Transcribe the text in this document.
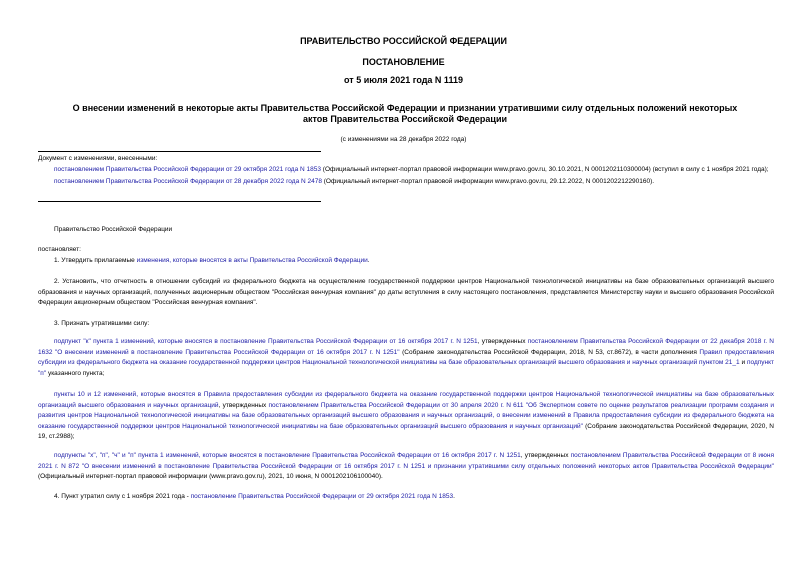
ПРАВИТЕЛЬСТВО РОССИЙСКОЙ ФЕДЕРАЦИИ
ПОСТАНОВЛЕНИЕ
от 5 июля 2021 года N 1119
О внесении изменений в некоторые акты Правительства Российской Федерации и признании утратившими силу отдельных положений некоторых актов Правительства Российской Федерации
(с изменениями на 28 декабря 2022 года)
Документ с изменениями, внесенными:
постановлением Правительства Российской Федерации от 29 октября 2021 года N 1853 (Официальный интернет-портал правовой информации www.pravo.gov.ru, 30.10.2021, N 0001202110300004) (вступил в силу с 1 ноября 2021 года);
постановлением Правительства Российской Федерации от 28 декабря 2022 года N 2478 (Официальный интернет-портал правовой информации www.pravo.gov.ru, 29.12.2022, N 0001202212290160).
Правительство Российской Федерации
постановляет:
1. Утвердить прилагаемые изменения, которые вносятся в акты Правительства Российской Федерации.
2. Установить, что отчетность в отношении субсидий из федерального бюджета на осуществление государственной поддержки центров Национальной технологической инициативы на базе образовательных организаций высшего образования и научных организаций, полученных акционерным обществом "Российская венчурная компания" до даты вступления в силу настоящего постановления, представляется Министерству науки и высшего образования Российской Федерации акционерным обществом "Российская венчурная компания".
3. Признать утратившими силу:
подпункт "к" пункта 1 изменений, которые вносятся в постановление Правительства Российской Федерации от 16 октября 2017 г. N 1251, утвержденных постановлением Правительства Российской Федерации от 22 декабря 2018 г. N 1632 "О внесении изменений в постановление Правительства Российской Федерации от 16 октября 2017 г. N 1251" (Собрание законодательства Российской Федерации, 2018, N 53, ст.8672), в части дополнения Правил предоставления субсидии из федерального бюджета на оказание государственной поддержки центров Национальной технологической инициативы на базе образовательных организаций высшего образования и научных организаций пунктом 21_1 и подпункт "п" указанного пункта;
пункты 10 и 12 изменений, которые вносятся в Правила предоставления субсидии из федерального бюджета на оказание государственной поддержки центров Национальной технологической инициативы на базе образовательных организаций высшего образования и научных организаций, утвержденных постановлением Правительства Российской Федерации от 30 апреля 2020 г. N 611 "Об Экспертном совете по оценке результатов реализации программ создания и развития центров Национальной технологической инициативы на базе образовательных организаций высшего образования и научных организаций, о внесении изменений в Правила предоставления субсидии из федерального бюджета на оказание государственной поддержки центров Национальной технологической инициативы на базе образовательных организаций высшего образования и научных организаций" (Собрание законодательства Российской Федерации, 2020, N 19, ст.2988);
подпункты "х", "п", "ч" и "п" пункта 1 изменений, которые вносятся в постановление Правительства Российской Федерации от 16 октября 2017 г. N 1251, утвержденных постановлением Правительства Российской Федерации от 8 июня 2021 г. N 872 "О внесении изменений в постановление Правительства Российской Федерации от 16 октября 2017 г. N 1251 и признании утратившими силу отдельных положений некоторых актов Правительства Российской Федерации" (Официальный интернет-портал правовой информации (www.pravo.gov.ru), 2021, 10 июня, N 0001202106100040).
4. Пункт утратил силу с 1 ноября 2021 года - постановление Правительства Российской Федерации от 29 октября 2021 года N 1853.
